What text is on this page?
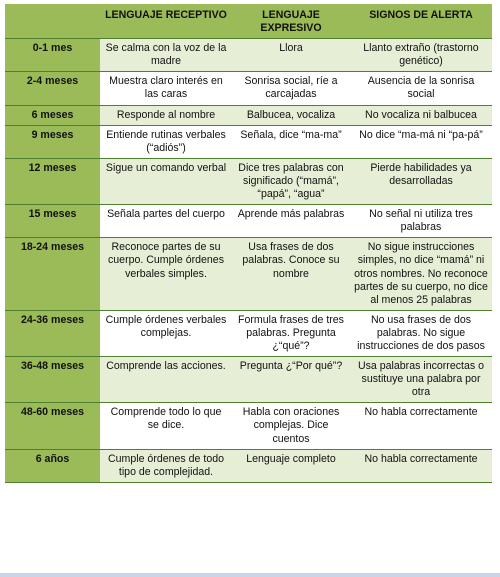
	LENGUAJE RECEPTIVO	LENGUAJE EXPRESIVO	SIGNOS DE ALERTA
0-1 mes	Se calma con la voz de la madre	Llora	Llanto extraño (trastorno genético)
2-4 meses	Muestra claro interés en las caras	Sonrisa social, ríe a carcajadas	Ausencia de la sonrisa social
6 meses	Responde al nombre	Balbucea, vocaliza	No vocaliza ni balbucea
9 meses	Entiende rutinas verbales (“adiós”)	Señala, dice “ma-ma”	No dice “ma-má ni “pa-pá”
12 meses	Sigue un comando verbal	Dice tres palabras con significado (“mamá”, “papá”, “agua”	Pierde habilidades ya desarrolladas
15 meses	Señala partes del cuerpo	Aprende más palabras	No señal ni utiliza tres palabras
18-24 meses	Reconoce partes de su cuerpo. Cumple órdenes verbales simples.	Usa frases de dos palabras. Conoce su nombre	No sigue instrucciones simples, no dice “mamá” ni otros nombres. No reconoce partes de su cuerpo, no dice al menos 25 palabras
24-36 meses	Cumple órdenes verbales complejas.	Formula frases de tres palabras. Pregunta ¿“qué”?	No usa frases de dos palabras. No sigue instrucciones de dos pasos
36-48 meses	Comprende las acciones.	Pregunta ¿“Por qué”?	Usa palabras incorrectas o sustituye una palabra por otra
48-60 meses	Comprende todo lo que se dice.	Habla con oraciones complejas. Dice cuentos	No habla correctamente
6 años	Cumple órdenes de todo tipo de complejidad.	Lenguaje completo	No habla correctamente
